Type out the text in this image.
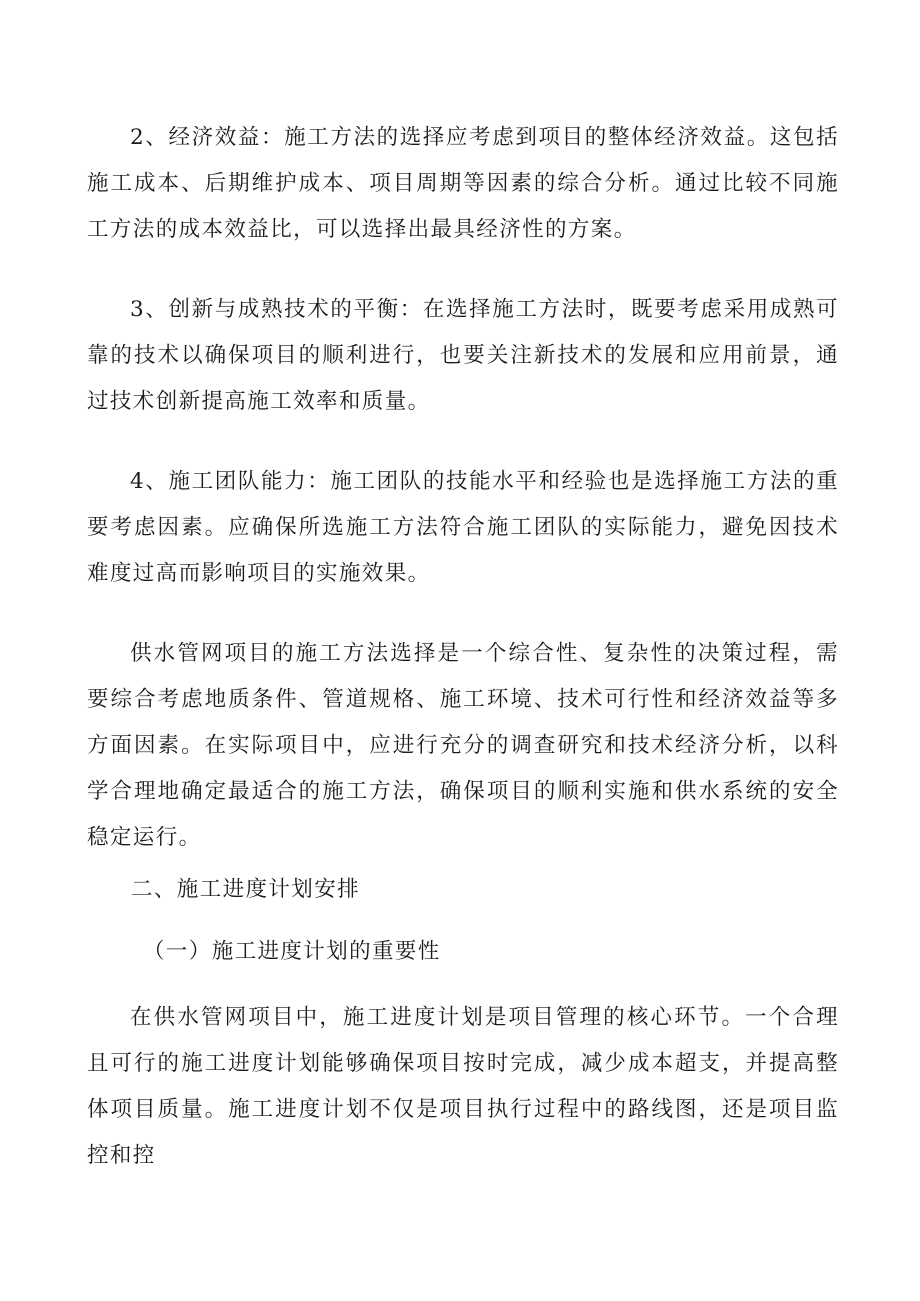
2、经济效益：施工方法的选择应考虑到项目的整体经济效益。这包括施工成本、后期维护成本、项目周期等因素的综合分析。通过比较不同施工方法的成本效益比，可以选择出最具经济性的方案。

3、创新与成熟技术的平衡：在选择施工方法时，既要考虑采用成熟可靠的技术以确保项目的顺利进行，也要关注新技术的发展和应用前景，通过技术创新提高施工效率和质量。

4、施工团队能力：施工团队的技能水平和经验也是选择施工方法的重要考虑因素。应确保所选施工方法符合施工团队的实际能力，避免因技术难度过高而影响项目的实施效果。

供水管网项目的施工方法选择是一个综合性、复杂性的决策过程，需要综合考虑地质条件、管道规格、施工环境、技术可行性和经济效益等多方面因素。在实际项目中，应进行充分的调查研究和技术经济分析，以科学合理地确定最适合的施工方法，确保项目的顺利实施和供水系统的安全稳定运行。

二、施工进度计划安排
（一）施工进度计划的重要性

在供水管网项目中，施工进度计划是项目管理的核心环节。一个合理且可行的施工进度计划能够确保项目按时完成，减少成本超支，并提高整体项目质量。施工进度计划不仅是项目执行过程中的路线图，还是项目监控和控
